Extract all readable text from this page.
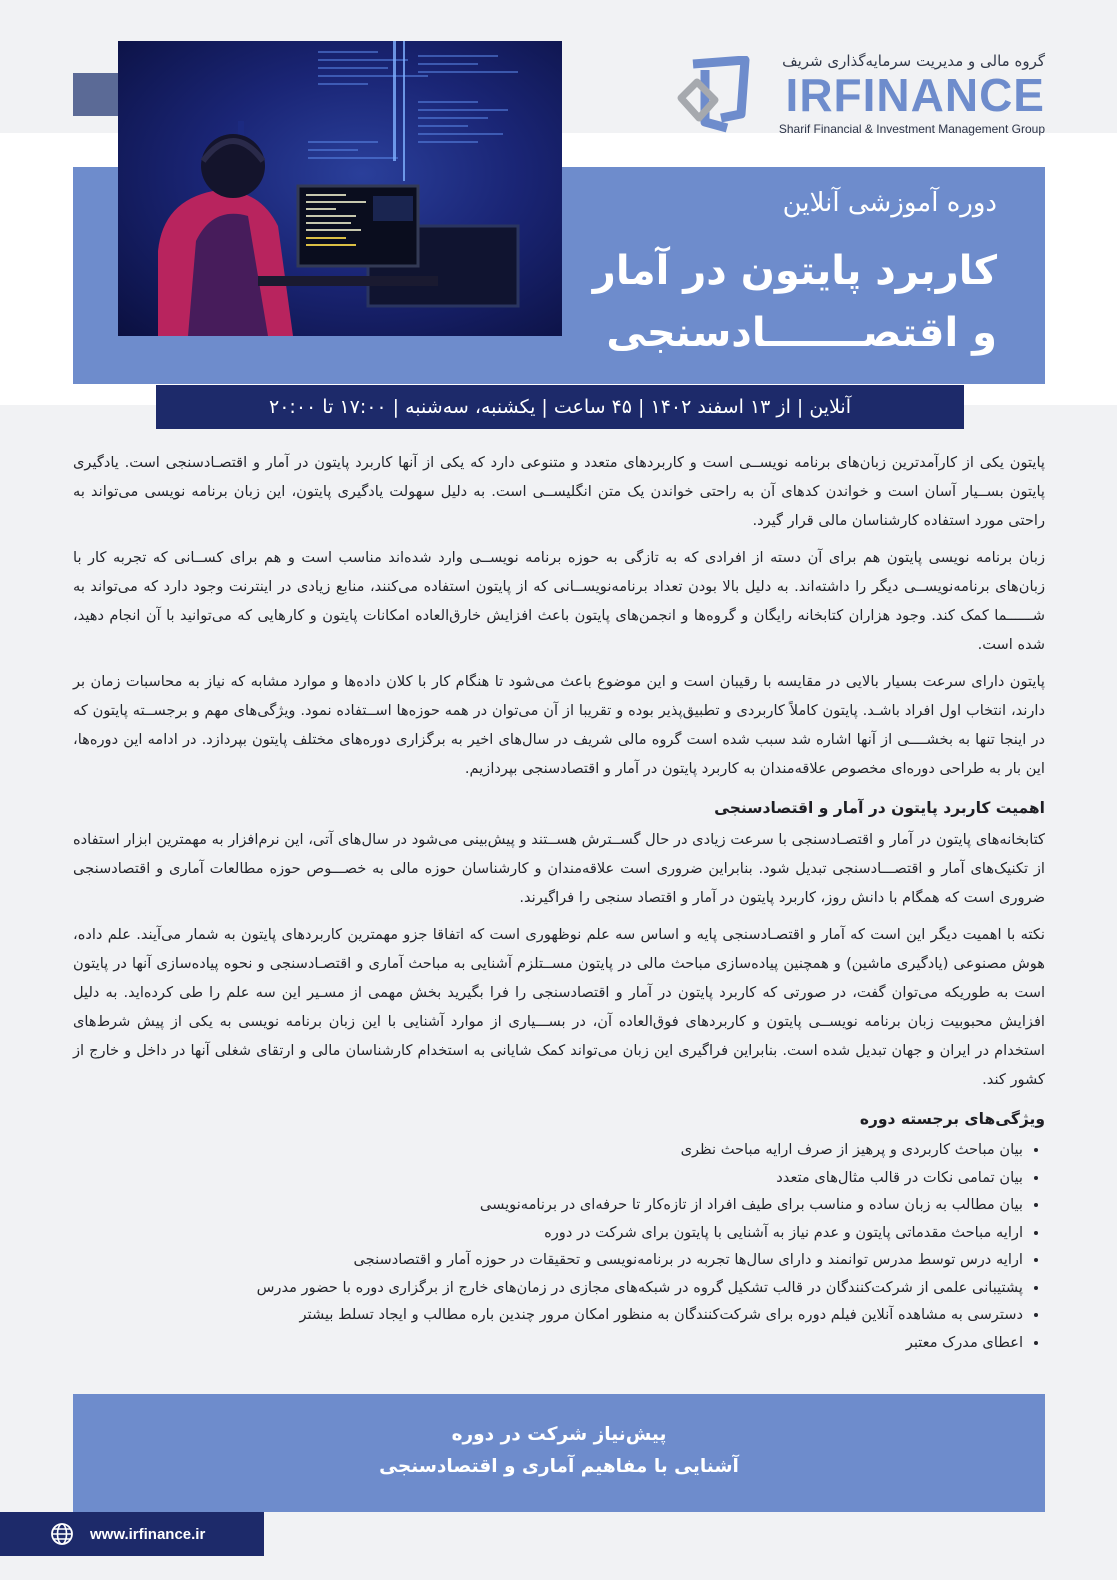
گروه مالی و مدیریت سرمایه‌گذاری شریف
IRFINANCE
Sharif Financial & Investment Management Group
دوره آموزشی آنلاین
کاربرد پایتون در آمار
و اقتصـــــــادسنجی
آنلاین | از ۱۳ اسفند ۱۴۰۲ | ۴۵ ساعت | یکشنبه، سه‌شنبه | ۱۷:۰۰ تا ۲۰:۰۰

پایتون یکی از کارآمدترین زبان‌های برنامه نویســی است و کاربردهای متعدد و متنوعی دارد که یکی از آنها کاربرد پایتون در آمار و اقتصـادسنجی است. یادگیری پایتون بســیار آسان است و خواندن کدهای آن به راحتی خواندن یک متن انگلیســی است. به دلیل سهولت یادگیری پایتون، این زبان برنامه نویسی می‌تواند به راحتی مورد استفاده کارشناسان مالی قرار گیرد.

زبان برنامه نویسی پایتون هم برای آن دسته از افرادی که به تازگی به حوزه برنامه نویســی وارد شده‌اند مناسب است و هم برای کســانی که تجربه کار با زبان‌های برنامه‌نویســی دیگر را داشته‌اند. به دلیل بالا بودن تعداد برنامه‌نویســانی که از پایتون استفاده می‌کنند، منابع زیادی در اینترنت وجود دارد که می‌تواند به شــــــما کمک کند. وجود هزاران کتابخانه رایگان و گروه‌ها و انجمن‌های پایتون باعث افزایش خارق‌العاده امکانات پایتون و کارهایی که می‌توانید با آن انجام دهید، شده است.

پایتون دارای سرعت بسیار بالایی در مقایسه با رقیبان است و این موضوع باعث می‌شود تا هنگام کار با کلان داده‌ها و موارد مشابه که نیاز به محاسبات زمان بر دارند، انتخاب اول افراد باشـد. پایتون کاملاً کاربردی و تطبیق‌پذیر بوده و تقریبا از آن می‌توان در همه حوزه‌ها اســتفاده نمود. ویژگی‌های مهم و برجســته پایتون که در اینجا تنها به بخشــــی از آنها اشاره شد سبب شده است گروه مالی شریف در سال‌های اخیر به برگزاری دوره‌های مختلف پایتون بپردازد. در ادامه این دوره‌ها، این بار به طراحی دوره‌ای مخصوص علاقه‌مندان به کاربرد پایتون در آمار و اقتصادسنجی بپردازیم.

اهمیت کاربرد پایتون در آمار و اقتصادسنجی

کتابخانه‌های پایتون در آمار و اقتصـادسنجی با سرعت زیادی در حال گســترش هســتند و پیش‌بینی می‌شود در سال‌های آتی، این نرم‌افزار به مهمترین ابزار استفاده از تکنیک‌های آمار و اقتصـــادسنجی تبدیل شود. بنابراین ضروری است علاقه‌مندان و کارشناسان حوزه مالی به خصـــوص حوزه مطالعات آماری و اقتصادسنجی ضروری است که همگام با دانش روز، کاربرد پایتون در آمار و اقتصاد سنجی را فراگیرند.

نکته با اهمیت دیگر این است که آمار و اقتصـادسنجی پایه و اساس سه علم نوظهوری است که اتفاقا جزو مهمترین کاربردهای پایتون به شمار می‌آیند. علم داده، هوش مصنوعی (یادگیری ماشین) و همچنین پیاده‌سازی مباحث مالی در پایتون مســتلزم آشنایی به مباحث آماری و اقتصـادسنجی و نحوه پیاده‌سازی آنها در پایتون است به طوریکه می‌توان گفت، در صورتی که کاربرد پایتون در آمار و اقتصادسنجی را فرا بگیرید بخش مهمی از مسـیر این سه علم را طی کرده‌اید. به دلیل افزایش محبوبیت زبان برنامه نویســی پایتون و کاربردهای فوق‌العاده آن، در بســـیاری از موارد آشنایی با این زبان برنامه نویسی به یکی از پیش شرط‌های استخدام در ایران و جهان تبدیل شده است. بنابراین فراگیری این زبان می‌تواند کمک شایانی به استخدام کارشناسان مالی و ارتقای شغلی آنها در داخل و خارج از کشور کند.

ویژگی‌های برجسته دوره
• بیان مباحث کاربردی و پرهیز از صرف ارایه مباحث نظری
• بیان تمامی نکات در قالب مثال‌های متعدد
• بیان مطالب به زبان ساده و مناسب برای طیف افراد از تازه‌کار تا حرفه‌ای در برنامه‌نویسی
• ارایه مباحث مقدماتی پایتون و عدم نیاز به آشنایی با پایتون برای شرکت در دوره
• ارایه درس توسط مدرس توانمند و دارای سال‌ها تجربه در برنامه‌نویسی و تحقیقات در حوزه آمار و اقتصادسنجی
• پشتیبانی علمی از شرکت‌کنندگان در قالب تشکیل گروه در شبکه‌های مجازی در زمان‌های خارج از برگزاری دوره با حضور مدرس
• دسترسی به مشاهده آنلاین فیلم دوره برای شرکت‌کنندگان به منظور امکان مرور چندین باره مطالب و ایجاد تسلط بیشتر
• اعطای مدرک معتبر
پیش‌نیاز شرکت در دوره
آشنایی با مفاهیم آماری و اقتصادسنجی
www.irfinance.ir
